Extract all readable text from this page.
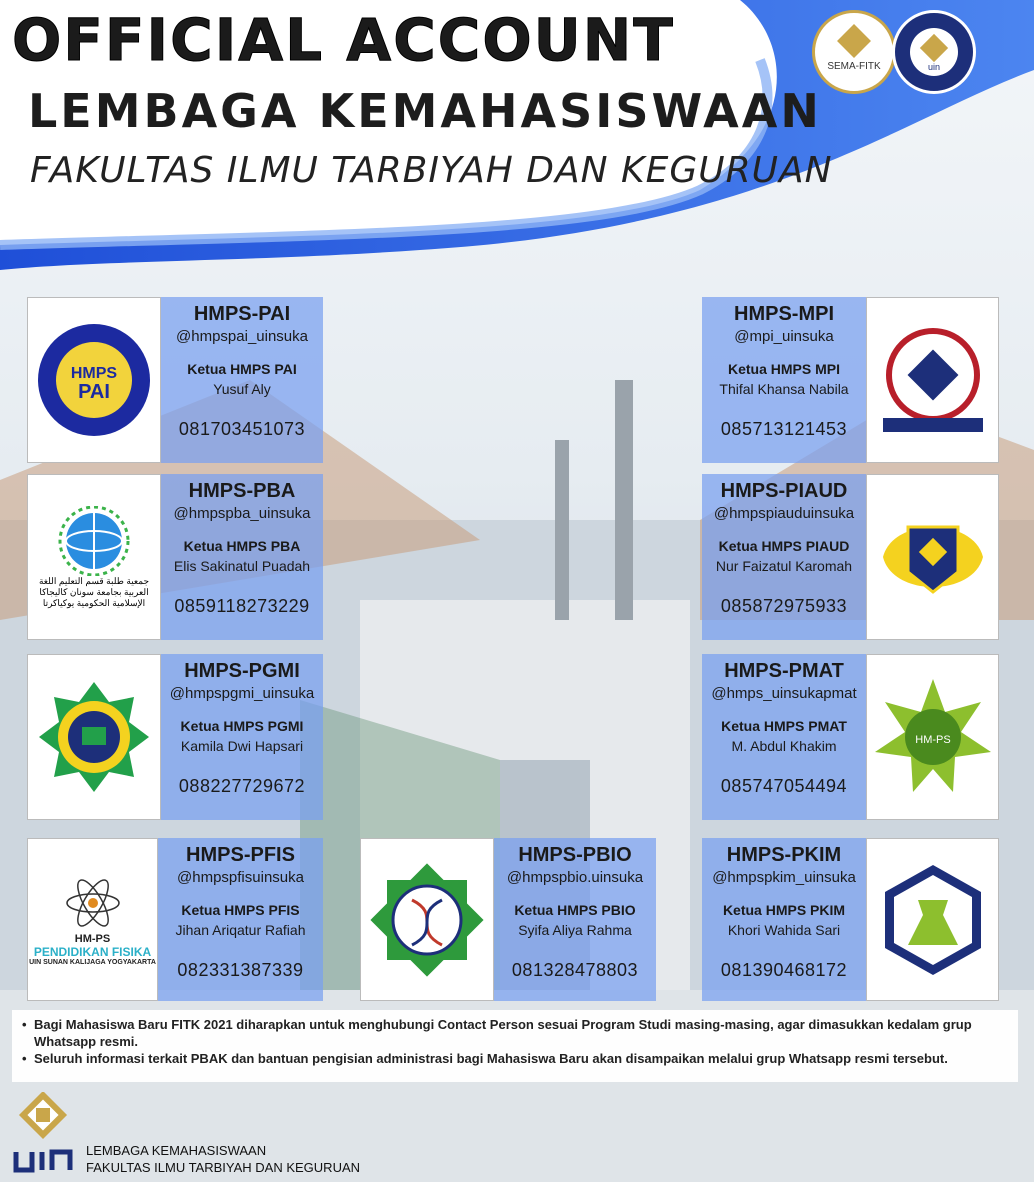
OFFICIAL ACCOUNT
LEMBAGA KEMAHASISWAAN
FAKULTAS ILMU TARBIYAH DAN KEGURUAN
SEMA-FITK	uin
HMPS
PAI
HMPS-PAI
@hmpspai_uinsuka
Ketua HMPS PAI
Yusuf Aly
081703451073
HMPS-MPI
@mpi_uinsuka
Ketua HMPS MPI
Thifal Khansa Nabila
085713121453
جمعية طلبة قسم التعليم اللغة العربية بجامعة سونان كاليجاكا الإسلامية الحكومية يوكياكرتا
HMPS-PBA
@hmpspba_uinsuka
Ketua HMPS PBA
Elis Sakinatul Puadah
0859118273229
HMPS-PIAUD
@hmpspiauduinsuka
Ketua HMPS PIAUD
Nur Faizatul Karomah
085872975933
HMPS-PGMI
@hmpspgmi_uinsuka
Ketua HMPS PGMI
Kamila Dwi Hapsari
088227729672
HMPS-PMAT
@hmps_uinsukapmat
Ketua HMPS PMAT
M. Abdul Khakim
085747054494
HM-PS
HM-PS
PENDIDIKAN FISIKA
UIN SUNAN KALIJAGA YOGYAKARTA
HMPS-PFIS
@hmpspfisuinsuka
Ketua HMPS PFIS
Jihan Ariqatur Rafiah
082331387339
HMPS-PBIO
@hmpspbio.uinsuka
Ketua HMPS PBIO
Syifa Aliya Rahma
081328478803
HMPS-PKIM
@hmpspkim_uinsuka
Ketua HMPS PKIM
Khori Wahida Sari
081390468172
• Bagi Mahasiswa Baru FITK 2021 diharapkan untuk menghubungi Contact Person sesuai Program Studi masing-masing, agar dimasukkan kedalam grup Whatsapp resmi.
• Seluruh informasi terkait PBAK dan bantuan pengisian administrasi bagi Mahasiswa Baru akan disampaikan melalui grup Whatsapp resmi tersebut.
LEMBAGA KEMAHASISWAAN
FAKULTAS ILMU TARBIYAH DAN KEGURUAN
